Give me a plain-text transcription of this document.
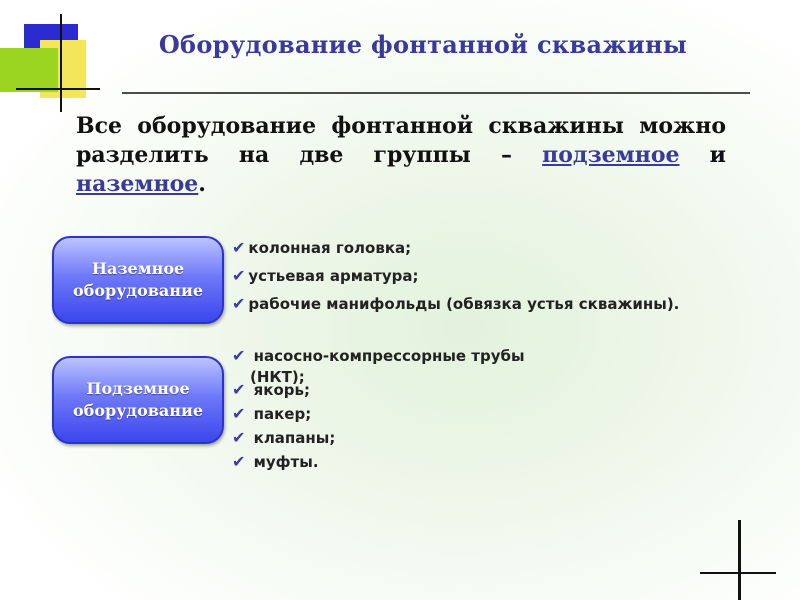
Оборудование фонтанной скважины
Все оборудование фонтанной скважины можно разделить на две группы – подземное и наземное.
Наземное
оборудование
✔ колонная головка;
✔ устьевая арматура;
✔ рабочие манифольды (обвязка устья скважины).
Подземное
оборудование
✔ насосно-компрессорные трубы
(НКТ);
✔ якорь;
✔ пакер;
✔ клапаны;
✔ муфты.
